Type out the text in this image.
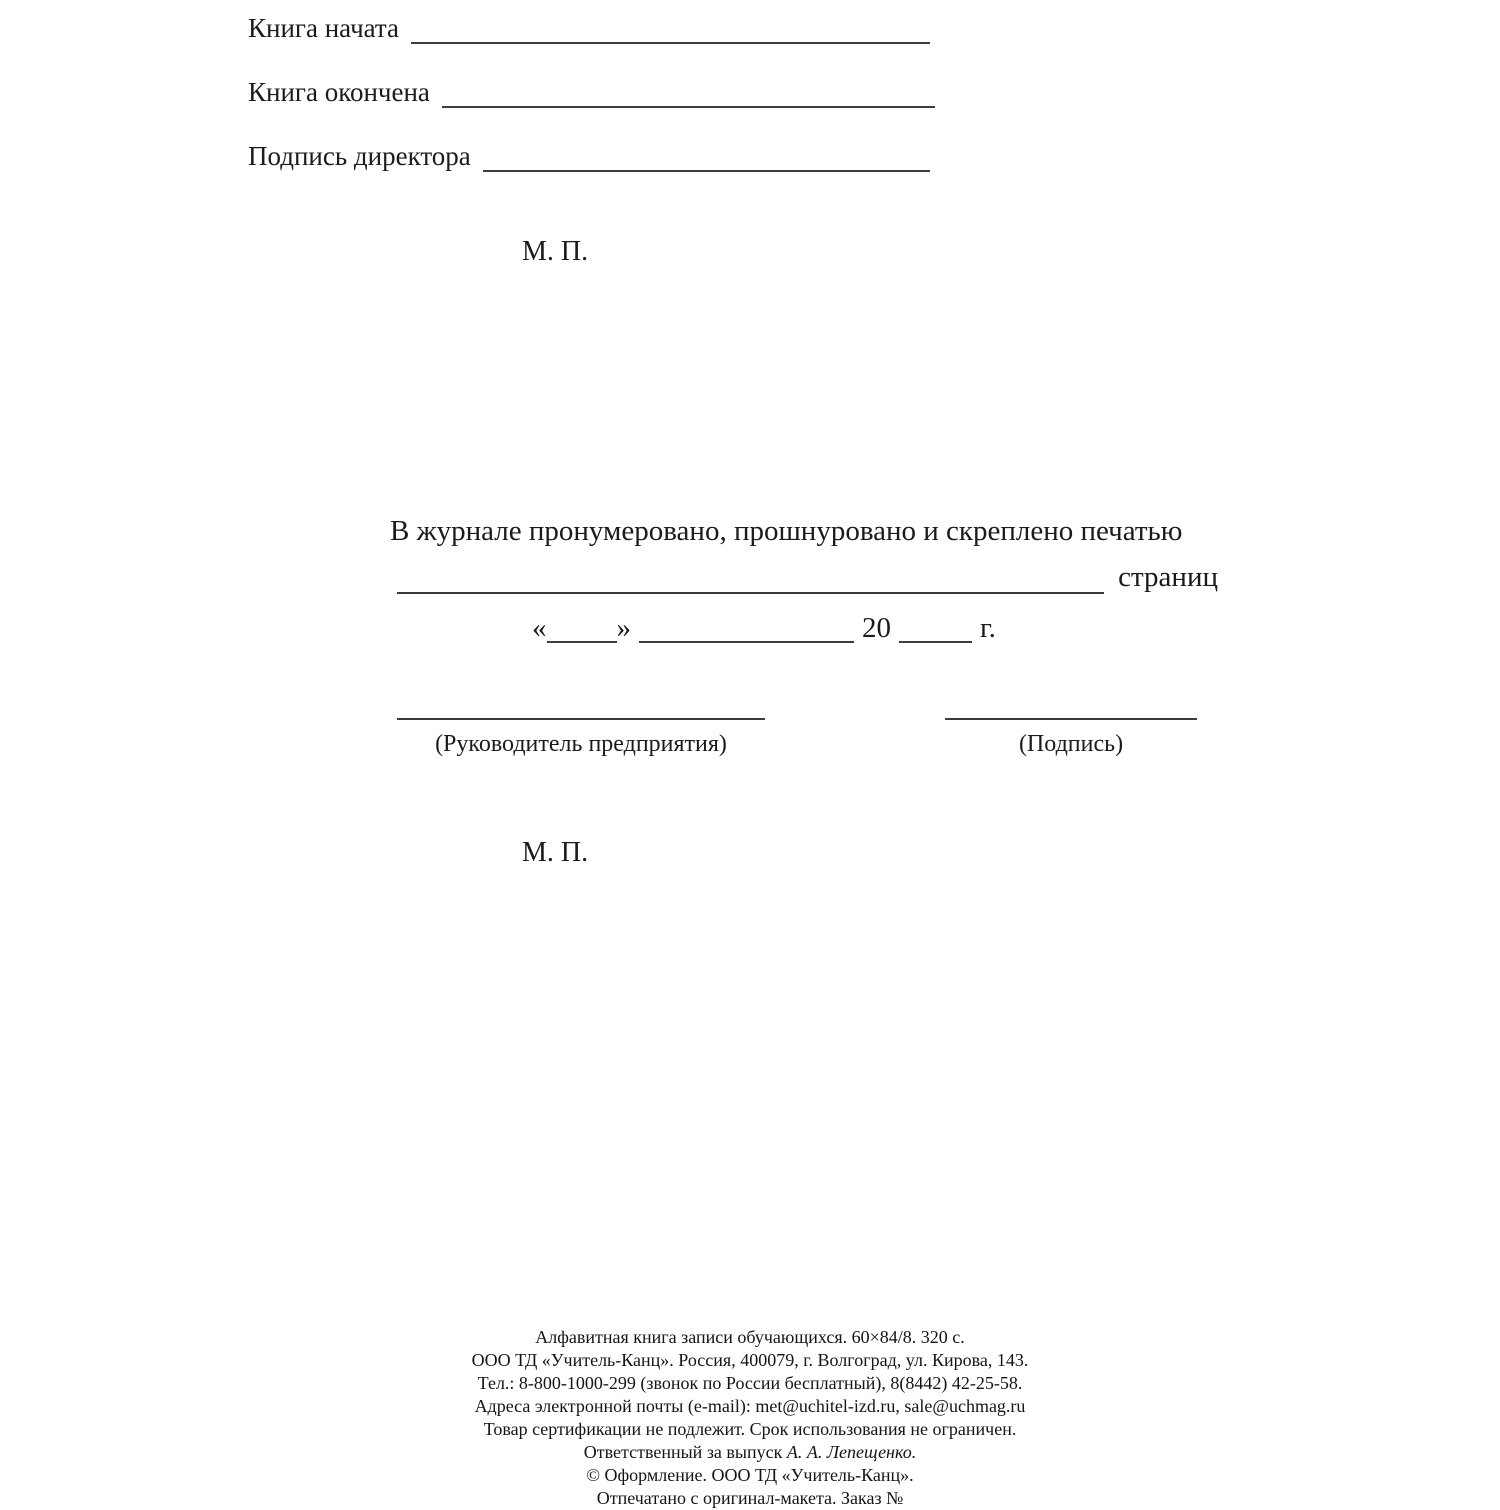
Книга начата
Книга окончена
Подпись директора
М. П.
В журнале пронумеровано, прошнуровано и скреплено печатью
страниц
« »	20	г.
(Руководитель предприятия)	(Подпись)
М. П.
Алфавитная книга записи обучающихся. 60×84/8. 320 с.
ООО ТД «Учитель-Канц». Россия, 400079, г. Волгоград, ул. Кирова, 143.
Тел.: 8-800-1000-299 (звонок по России бесплатный), 8(8442) 42-25-58.
Адреса электронной почты (e-mail): met@uchitel-izd.ru, sale@uchmag.ru
Товар сертификации не подлежит. Срок использования не ограничен.
Ответственный за выпуск А. А. Лепещенко.
© Оформление. ООО ТД «Учитель-Канц».
Отпечатано с оригинал-макета. Заказ №
